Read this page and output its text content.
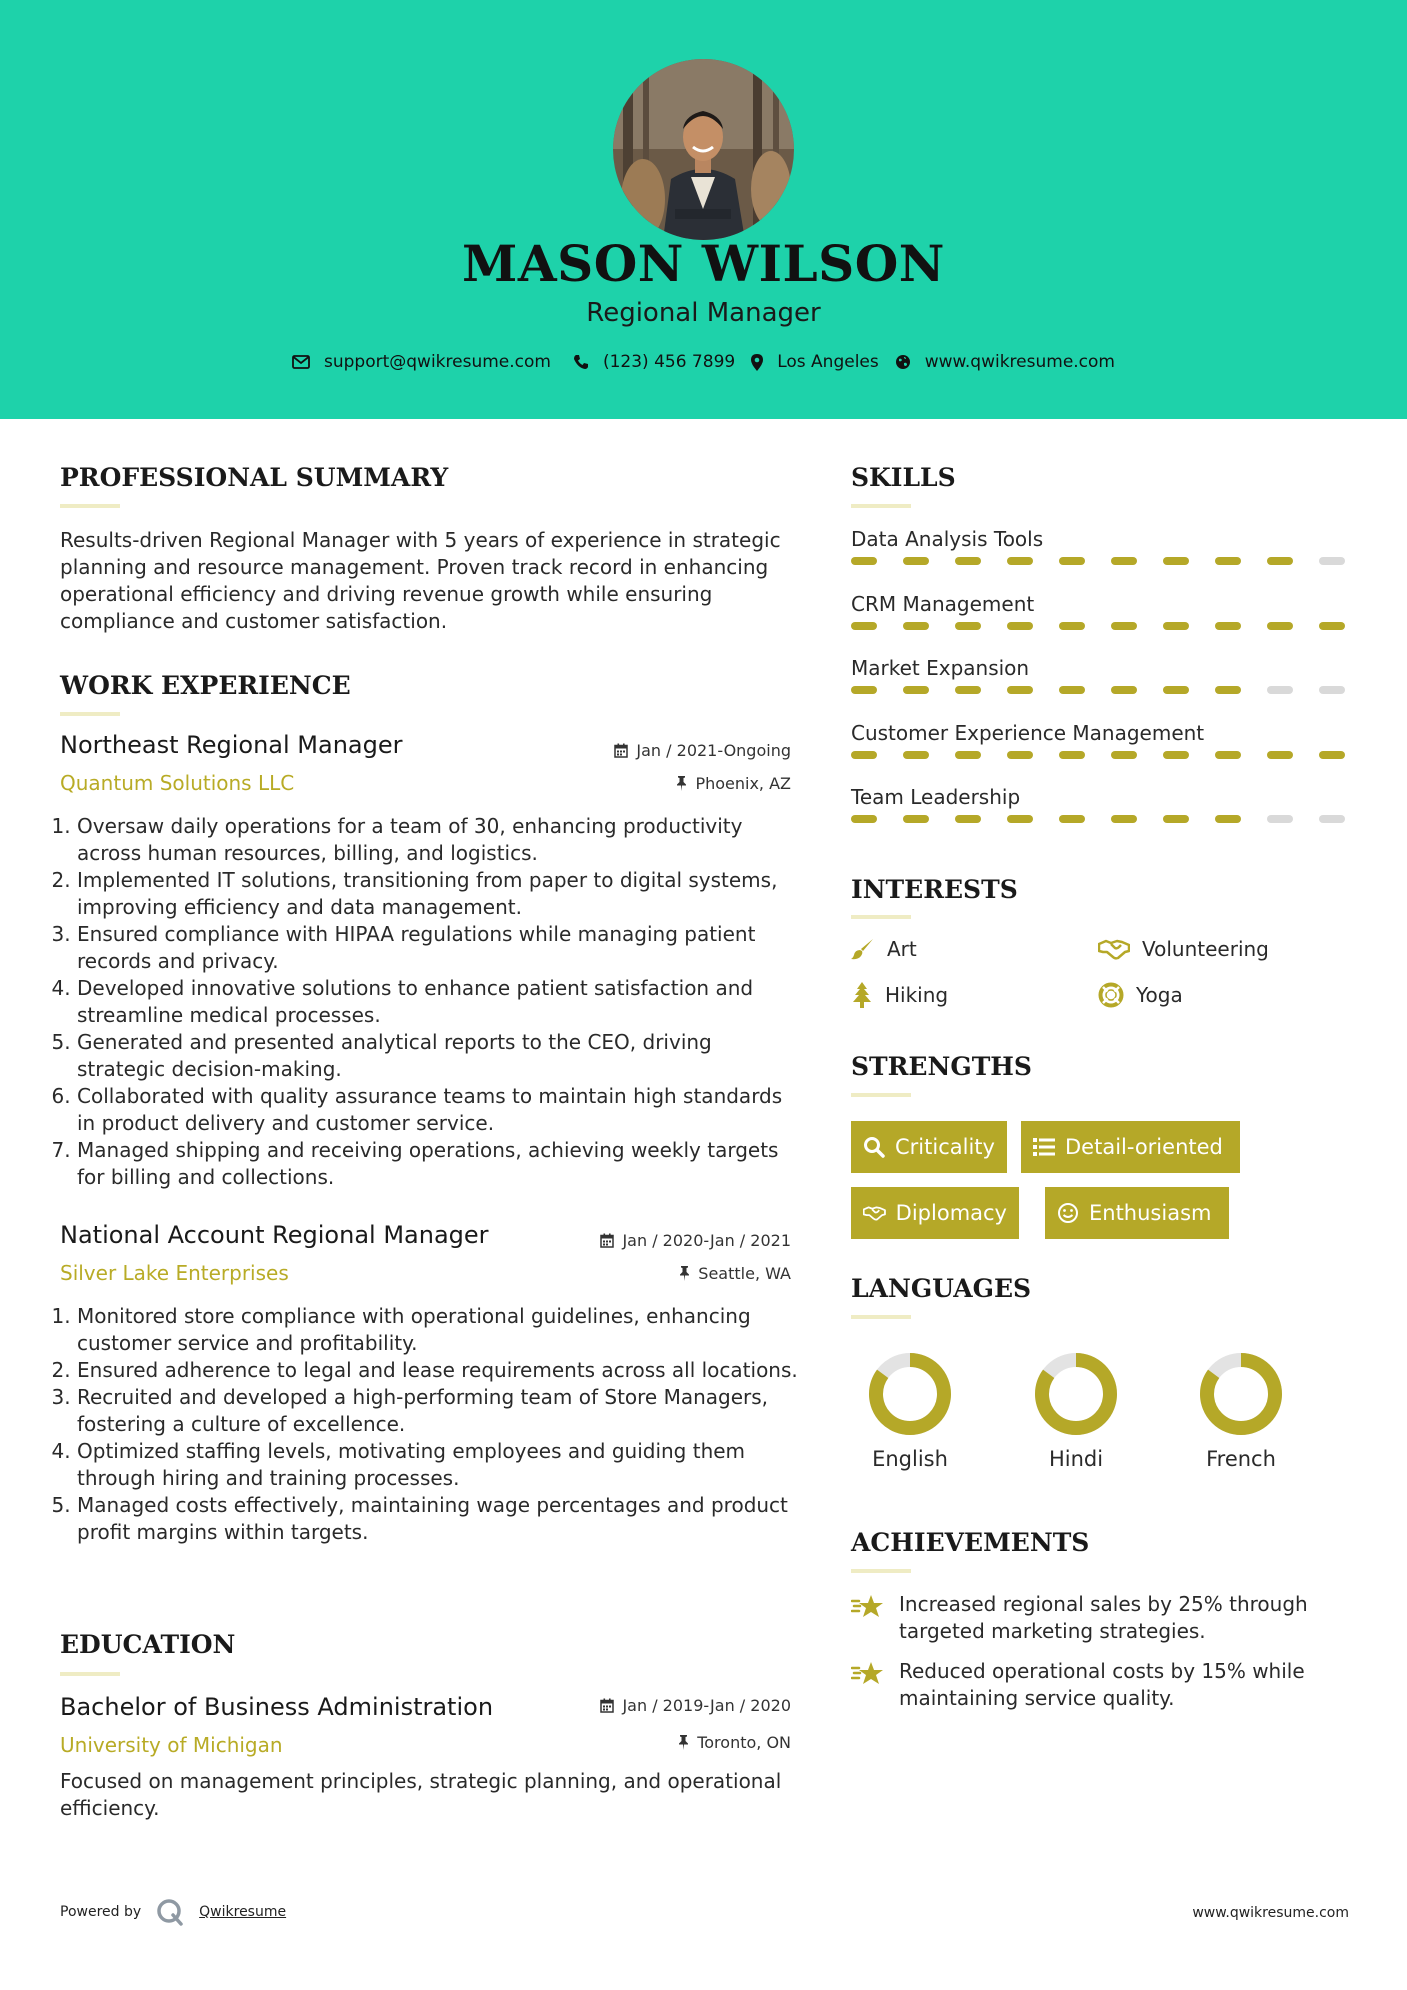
MASON WILSON
Regional Manager
support@qwikresume.com	(123) 456 7899 Los Angeles	www.qwikresume.com
PROFESSIONAL SUMMARY
Results-driven Regional Manager with 5 years of experience in strategic planning and resource management. Proven track record in enhancing operational efficiency and driving revenue growth while ensuring compliance and customer satisfaction.
WORK EXPERIENCE
Northeast Regional Manager	Jan / 2021-Ongoing
Quantum Solutions LLC	Phoenix, AZ
1. Oversaw daily operations for a team of 30, enhancing productivity across human resources, billing, and logistics.
2. Implemented IT solutions, transitioning from paper to digital systems, improving efficiency and data management.
3. Ensured compliance with HIPAA regulations while managing patient records and privacy.
4. Developed innovative solutions to enhance patient satisfaction and streamline medical processes.
5. Generated and presented analytical reports to the CEO, driving strategic decision-making.
6. Collaborated with quality assurance teams to maintain high standards in product delivery and customer service.
7. Managed shipping and receiving operations, achieving weekly targets for billing and collections.
National Account Regional Manager	Jan / 2020-Jan / 2021
Silver Lake Enterprises	Seattle, WA
1. Monitored store compliance with operational guidelines, enhancing customer service and profitability.
2. Ensured adherence to legal and lease requirements across all locations.
3. Recruited and developed a high-performing team of Store Managers, fostering a culture of excellence.
4. Optimized staffing levels, motivating employees and guiding them through hiring and training processes.
5. Managed costs effectively, maintaining wage percentages and product profit margins within targets.
EDUCATION
Bachelor of Business Administration	Jan / 2019-Jan / 2020
University of Michigan	Toronto, ON
Focused on management principles, strategic planning, and operational efficiency.
SKILLS
Data Analysis Tools
CRM Management
Market Expansion
Customer Experience Management
Team Leadership
INTERESTS
Art	Volunteering
Hiking	Yoga
STRENGTHS
Criticality	Detail-oriented
Diplomacy	Enthusiasm
LANGUAGES
English	Hindi	French
ACHIEVEMENTS
Increased regional sales by 25% through targeted marketing strategies.
Reduced operational costs by 15% while maintaining service quality.
Powered by	Qwikresume	www.qwikresume.com
